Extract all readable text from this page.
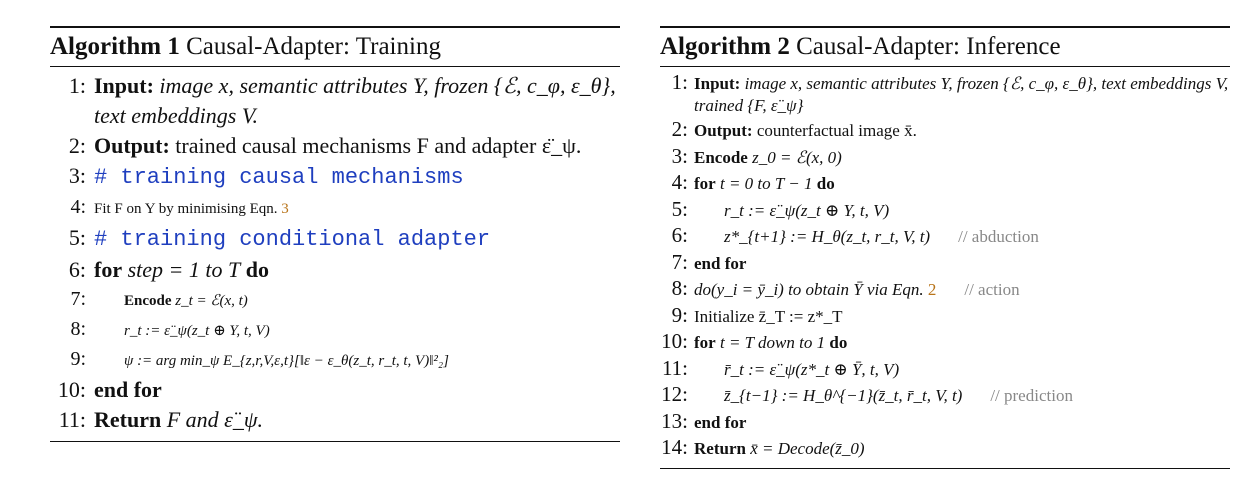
Algorithm 1 Causal-Adapter: Training
1: Input: image x, semantic attributes Y, frozen {ℰ, c_φ, ε_θ}, text embeddings V.
2: Output: trained causal mechanisms F and adapter ε̈_ψ.
3: # training causal mechanisms
4: Fit F on Y by minimising Eqn. 3
5: # training conditional adapter
6: for step = 1 to T do
7:	Encode z_t = ℰ(x, t)
8:	r_t := ε̈_ψ(z_t ⊕ Y, t, V)
9:	ψ := arg min_ψ E_{z,r,V,ε,t}[‖ε − ε_θ(z_t, r_t, t, V)‖²₂]
10: end for
11: Return F and ε̈_ψ.
Algorithm 2 Causal-Adapter: Inference
1: Input: image x, semantic attributes Y, frozen {ℰ, c_φ, ε_θ}, text embeddings V, trained {F, ε̈_ψ}
2: Output: counterfactual image x̄.
3: Encode z_0 = ℰ(x, 0)
4: for t = 0 to T − 1 do
5: r_t := ε̈_ψ(z_t ⊕ Y, t, V)
6: z*_{t+1} := H_θ(z_t, r_t, V, t) // abduction
7: end for
8: do(y_i = ȳ_i) to obtain Ȳ via Eqn. 2 // action
9: Initialize z̄_T := z*_T
10: for t = T down to 1 do
11: r̄_t := ε̈_ψ(z*_t ⊕ Ȳ, t, V)
12: z̄_{t−1} := H_θ^{−1}(z̄_t, r̄_t, V, t) // prediction
13: end for
14: Return x̄ = Decode(z̄_0)
